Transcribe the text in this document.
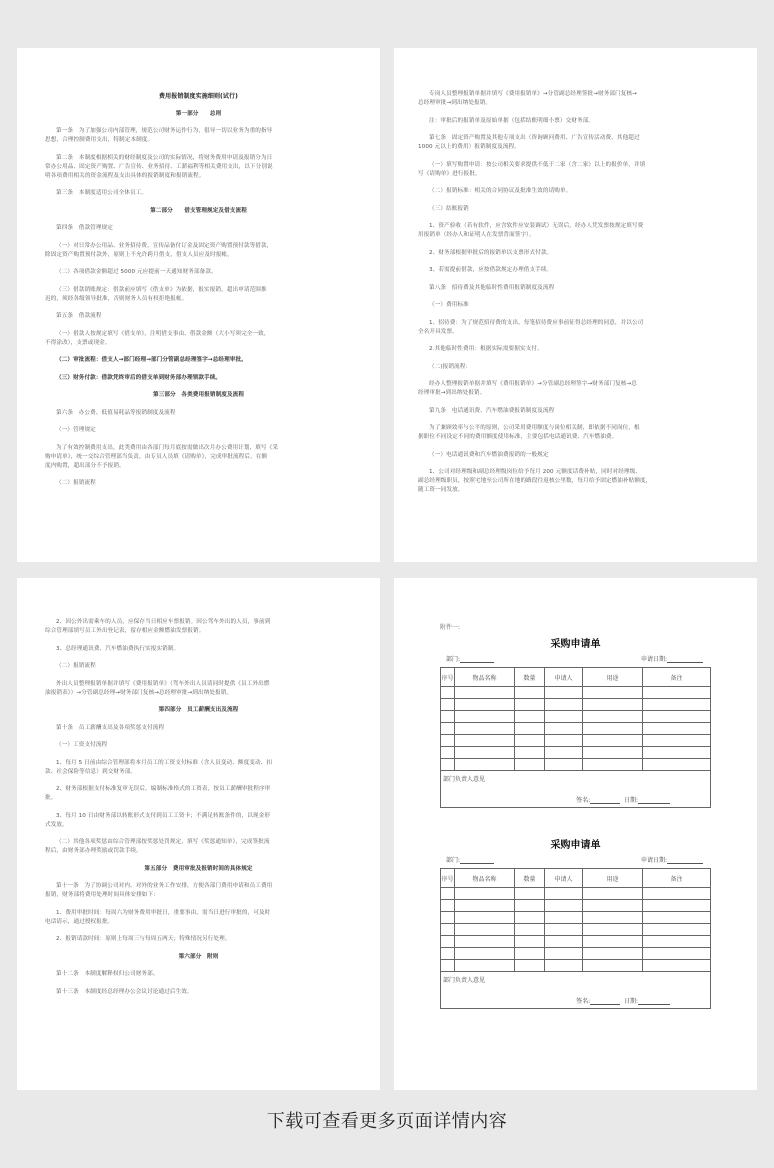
费用报销制度实施细则(试行)

第一部分　　总则

第一条　为了加强公司内部管理，规范公司财务运作行为，倡导一切以业务为重的指导

思想，合理控制费用支出，特制定本制度。

第二条　本制度根据相关的财经制度及公司的实际情况，将财务费用申请及报销分为日

常办公用品、固定资产购置、广告宣传、业务招待、工薪福利等相关费用支出，以下分别说

明各项费用相关的资金流程及支出具体的报销制度和报销流程。

第三条　本制度适用公司全体员工。

第二部分　　借支管理规定及借支流程

第四条　借款管理规定

（一）对日常办公用品、业务招待费，宣传品备付订金及固定资产购置预付款等借款，

除固定资产购置预付款外，原则上不允许跨月借支，借支人员应及时报帐。

（二）各项借款金额超过 5000 元应提前一天通知财务部备款。

（三）借款销账规定：借款前应填写《借支单》为依据，报实报销，超出申请范围推

迟的，须经各级领导批准，否则财务人员有权拒绝报帐。

第五条　借款流程

（一）借款人按规定填写《借支单》，注明借支事由、借款金额（大小写须完全一致，

不得涂改），支票或现金。

（二）审批流程：借支人→部门经理→部门分管副总经理签字→总经理审批。

（三）财务付款：借款凭终审后的借支单到财务部办理领款手续。

第三部分　各类费用报销制度及流程

第六条　办公费、低值易耗品等报销制度及流程

（一）管理规定

为了有效控制费用支出，此类费用由各部门每月底按需做出次月办公费用计划，填写《采

购申请单》，统一交综合管理部当负责，由专员人员填《请购单》，完成审批流程后，在额

度内购置，超出部分不予报销。

（二）报销流程

专岗人员整理报销单据并填写《费用报销单》→分管副总经理签批→财务部门复核→

总经理审批→到出纳处报销。

注：审批后的报销单及原始单据（包括结账明细小票）交财务部。

第七条　固定资产购置及其他专项支出（咨询顾问费用、广告宣传活动费、其他超过

1000 元以上的费用）报销制度及流程。

（一）填写购置申请：按公司相关要求提供不低于二家（含二家）以上的报价单，并填

写《请购单》进行报批。

（二）报销标准：相关的合同协议及批准生效的请购单。

（三）结账报销

1、资产验收（若有软件，应含软件应安装调试）无误后，经办人凭发票按规定填写费

用报销单（经办人和证明人在发票背面签字）。

2、财务部根据审批后的报销单以支票形式付款。

3、若需提前借款，应按借款规定办理借支手续。

第八条　招待费及其他临时性费用报销制度及流程

（一）费用标准

1、招待费：为了规范招待费的支出，每笔招待费应事前征得总经理的同意，并以公司

全名开具发票。

2.其他临时性费用：根据实际需要据实支付。

（二)报销流程：

经办人整理报销单据并填写《费用报销单》→分管副总经理签字→财务部门复核→总

经理审批→到出纳处报销。

第九条　电话通讯费、汽车燃油费报销制度及流程

为了兼顾效率与公平的原则，公司采用费用额度与岗位相关制，即依据不同岗位，根

据职位不同设定不同的费用额度使用标准，主要包括电话通讯费、汽车燃油费。

（一）电话通讯费和汽车燃油费报销的一般规定

1、公司对经理级和副总经理级岗位给予每月 200 元额度话费补贴，同时对经理级、

副总经理级职员，按照宅地至公司所在地的路段往返核公里数，每月给予固定燃油补贴额度，

随工资一同发放。

2、因公外出需乘车的人员，应保存当日相应车票报销。因公驾车外出的人员，事前到

综合管理部填写员工外出登记表，留存相应金额燃油发票报销。

3、总经理通讯费、汽车燃油费执行实报实销制。

（二）报销流程

外出人员整理报销单据并填写《费用报销单》（驾车外出人员请同时提供《员工外出燃

油报销表》）→分管副总经理→财务部门复核→总经理审批→到出纳处报销。

第四部分　员工薪酬支出及流程

第十条　员工薪酬支出及各项奖惩支付流程

（一）工资支付流程

1、每月 5 日前由综合管理部将本月员工的工资支付标准（含人员变动、额度变动、扣

款、社会保险等信息）到交财务部。

2、财务部根据支付标准复审无误后，编制标准格式的工资表，按员工薪酬审批程序审

批。

3、每月 10 日由财务部以转账形式支付到员工工资卡；不满足转账条件的，以现金形

式发放。

（二）其他各项奖惩由综合管理部按奖惩处罚规定，填写《奖惩通知单》，完成签批流

程后，由财务部办理奖励或罚款手续。

第五部分　费用审批及报销时间的具体规定

第十一条　为了协调公司对内、对外的业务工作安排，方便各部门费用申请和员工费用

报销，财务部将费用处理时间具体安排如下：

1、费用审批时间：每周六为财务费用审批日，重要事由，需当日进行审批的，可及时

电话请示，通过授权报批。

2、报销请款时间：原则上每周三与每周五两天；特殊情况另行处理。

第六部分　附则

第十二条　本制度解释权归公司财务部。

第十三条　本制度经总经理办公会议讨论通过后生效。

附件一:
采购申请单
部门:	申请日期:
序号	物品名称	数量	申请人	用途	备注

部门负责人意见
签名:	日期:
采购申请单
部门:	申请日期:
序号	物品名称	数量	申请人	用途	备注

部门负责人意见
签名:	日期:
下载可查看更多页面详情内容
